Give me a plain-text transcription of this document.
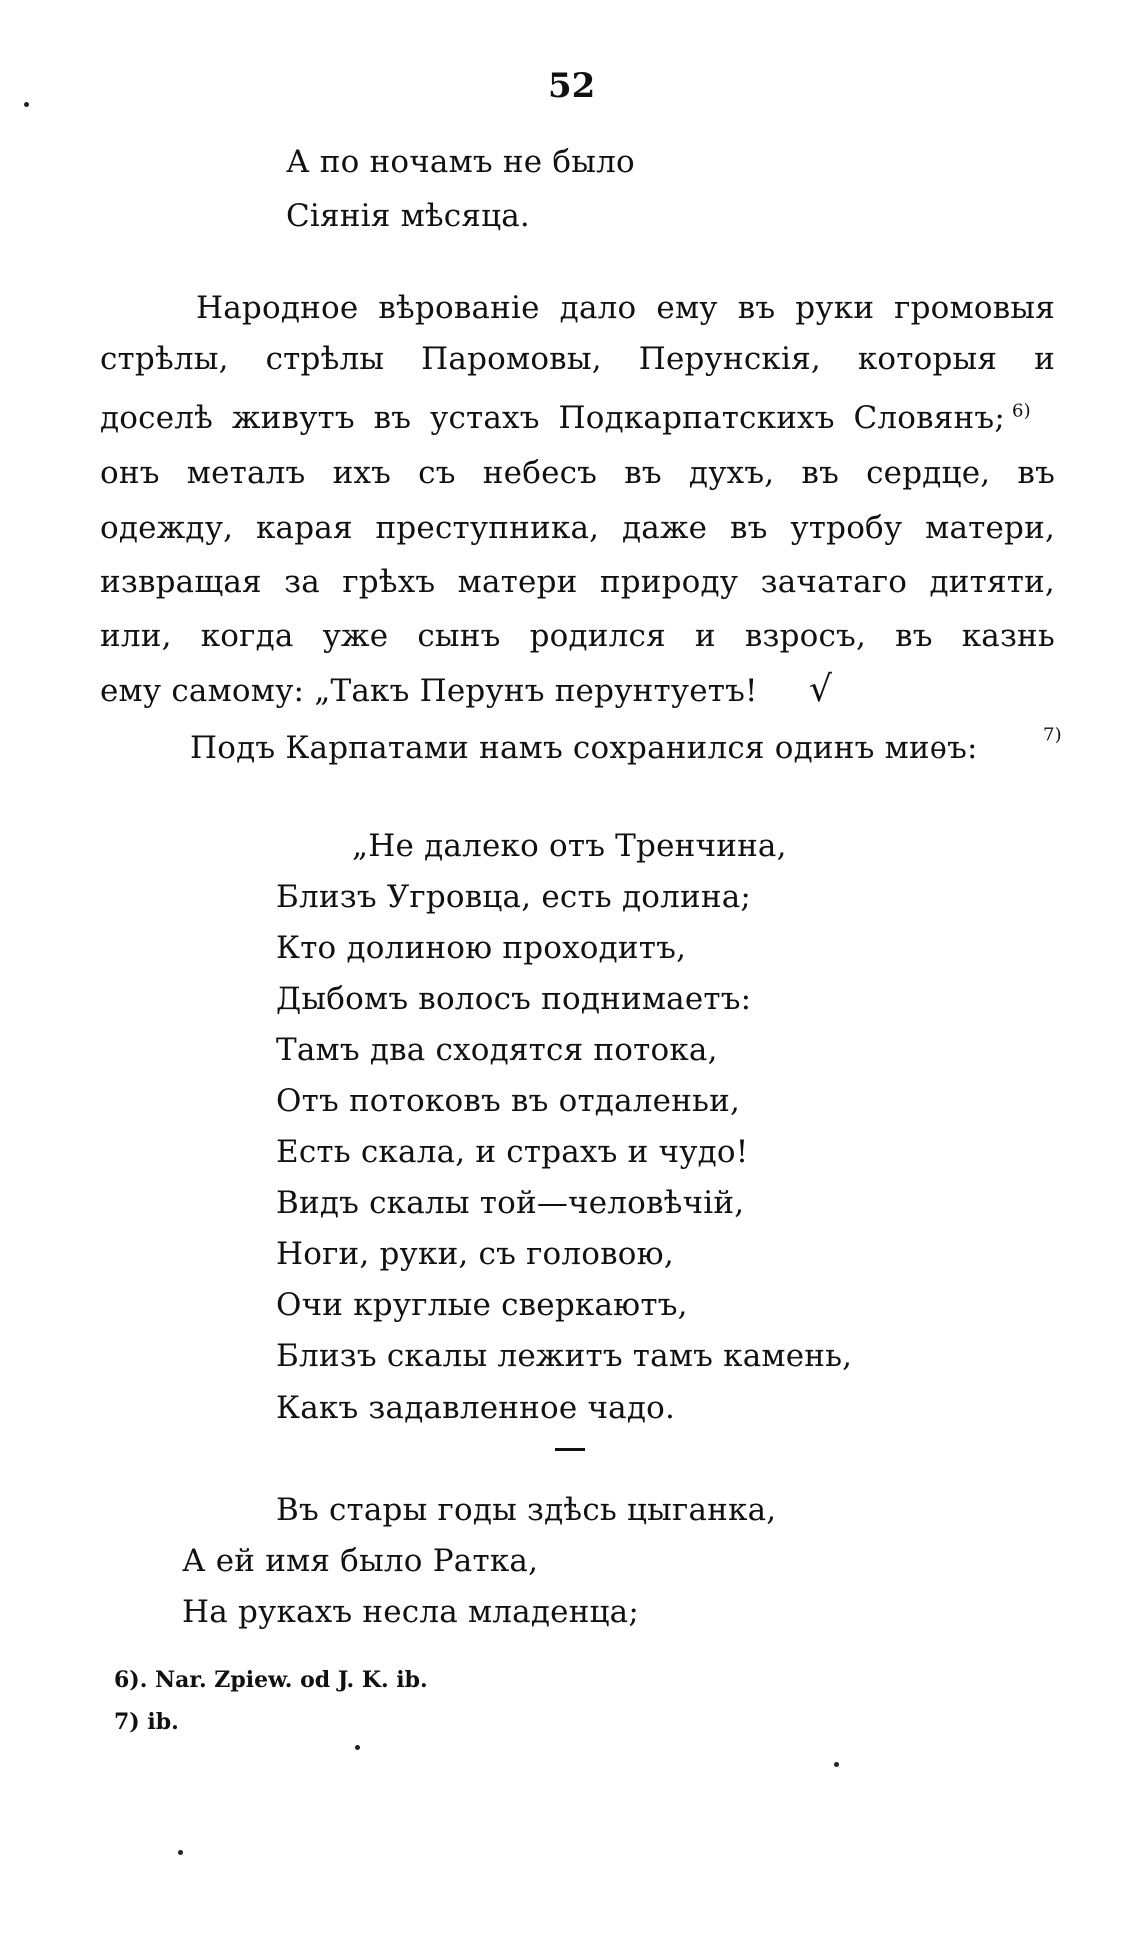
52
А по ночамъ не было
Сіянія мѣсяца.
Народное вѣрованіе дало ему въ руки громовыя
стрѣлы, стрѣлы Паромовы, Перунскія, которыя и
доселѣ живутъ въ устахъ Подкарпатскихъ Словянъ; $^{6)}$
онъ металъ ихъ съ небесъ въ духъ, въ сердце, въ
одежду, карая преступника, даже въ утробу матери,
извращая за грѣхъ матери природу зачатаго дитяти,
или, когда уже сынъ родился и взросъ, въ казнь
ему самому: „Такъ Перунъ перунтуетъ! √
Подъ Карпатами намъ сохранился одинъ миѳъ:	$^{7)}$
„Не далеко отъ Тренчина,
Близъ Угровца, есть долина;
Кто долиною проходитъ,
Дыбомъ волосъ поднимаетъ:
Тамъ два сходятся потока,
Отъ потоковъ въ отдаленьи,
Есть скала, и страхъ и чудо!
Видъ скалы той—человѣчій,
Ноги, руки, съ головою,
Очи круглые сверкаютъ,
Близъ скалы лежитъ тамъ камень,
Какъ задавленное чадо.
Въ стары годы здѣсь цыганка,
А ей имя было Ратка,
На рукахъ несла младенца;
6). Nar. Zpiew. od J. K. ib.
7) ib.
